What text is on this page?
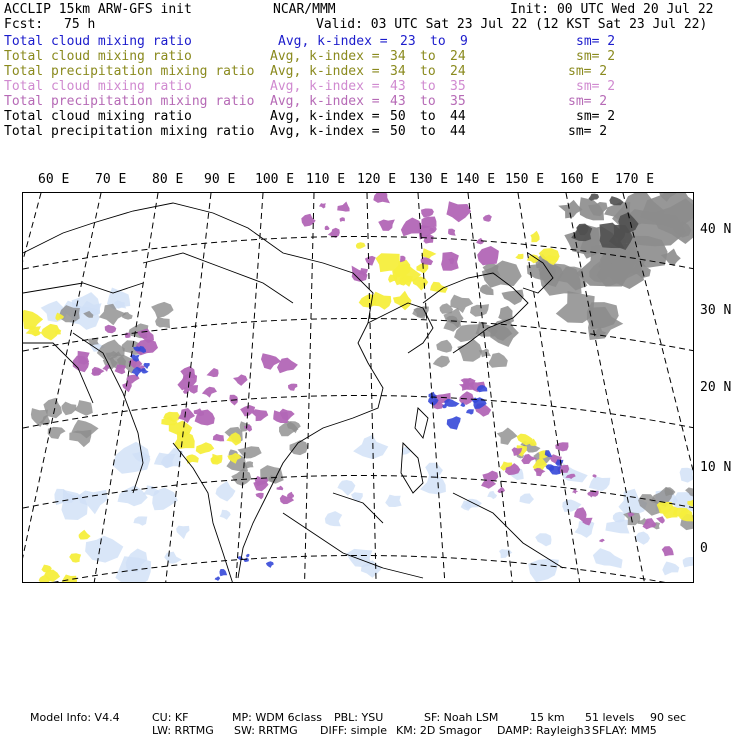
ACCLIP 15km ARW-GFS init	NCAR/MMM	Init: 00 UTC Wed 20 Jul 22
Fcst: 75 h	Valid: 03 UTC Sat 23 Jul 22 (12 KST Sat 23 Jul 22)
Total cloud mixing ratio	Avg, k-index = 23 to 9	sm= 2
Total cloud mixing ratio	Avg, k-index = 34 to 24	sm= 2
Total precipitation mixing ratio Avg, k-index = 34 to 24	sm= 2
Total cloud mixing ratio	Avg, k-index = 43 to 35	sm= 2
Total precipitation mixing ratio Avg, k-index = 43 to 35	sm= 2
Total cloud mixing ratio	Avg, k-index = 50 to 44	sm= 2
Total precipitation mixing ratio Avg, k-index = 50 to 44	sm= 2
60 E 70 E 80 E 90 E 100 E 110 E 120 E 130 E 140 E 150 E 160 E 170 E
40 N
30 N
20 N
10 N
0
Model Info: V4.4	CU: KF	MP: WDM 6class PBL: YSU	SF: Noah LSM	15 km 51 levels 90 sec
LW: RRTMG SW: RRTMG DIFF: simple KM: 2D Smagor DAMP: Rayleigh3 SFLAY: MM5
